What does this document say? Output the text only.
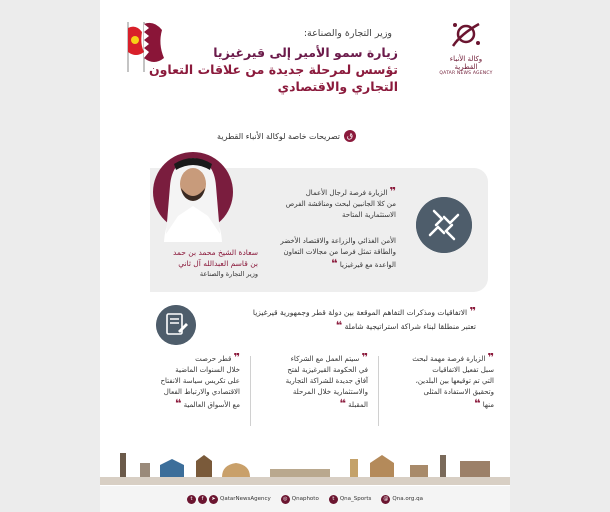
وكالة الأنباء القطرية
QATAR NEWS AGENCY
وزير التجارة والصناعة:
زيارة سمو الأمير إلى قيرغيزيا
تؤسس لمرحلة جديدة من علاقات التعاون
التجاري والاقتصادي
ق
تصريحات خاصة لوكالة الأنباء القطرية
سعادة الشيخ محمد بن حمد
بن قاسم العبدالله آل ثاني
وزير التجارة والصناعة
❞ الزيارة فرصة لرجال الأعمال
من كلا الجانبين لبحث ومناقشة الفرص
الاستثمارية المتاحة
الأمن الغذائي والزراعة والاقتصاد الأخضر
والطاقة تمثل فرصا من مجالات التعاون
الواعدة مع قيرغيزيا ❝
❞ الاتفاقيات ومذكرات التفاهم الموقعة بين دولة قطر وجمهورية قيرغيزيا
تعتبر منطلقا لبناء شراكة استراتيجية شاملة ❝
❞ الزيارة فرصة مهمة لبحث
سبل تفعيل الاتفاقيات
التي تم توقيعها بين البلدين،
وتحقيق الاستفادة المثلى
منها ❝
❞ سيتم العمل مع الشركاء
في الحكومة القيرغيزية لفتح
آفاق جديدة للشراكة التجارية
والاستثمارية خلال المرحلة
المقبلة ❝
❞ قطر حرصت
خلال السنوات الماضية
على تكريس سياسة الانفتاح
الاقتصادي والارتباط الفعال
مع الأسواق العالمية ❝
t	f	➤ QatarNewsAgency	◎ Qnaphoto	t	Qna_Sports	@ Qna.org.qa
